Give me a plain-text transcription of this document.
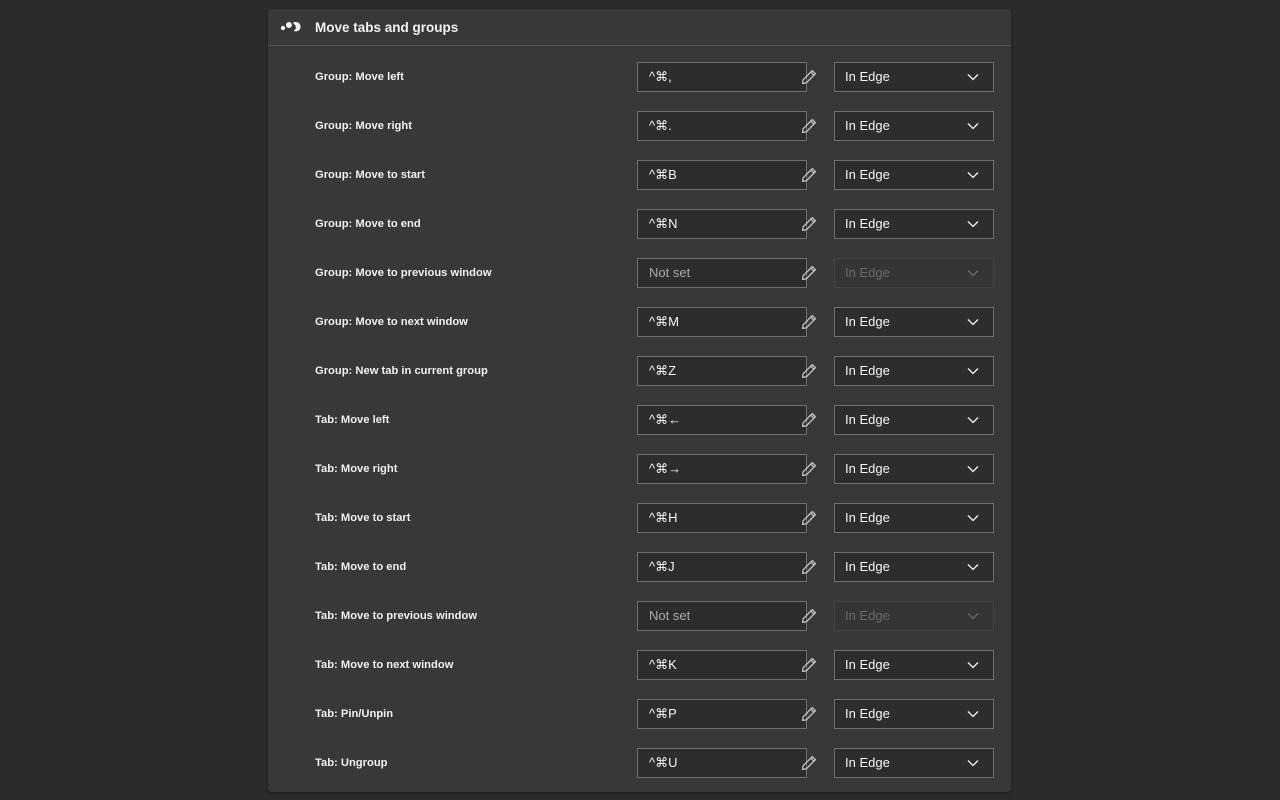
Move tabs and groups
Group: Move left	^⌘,	In Edge
Group: Move right	^⌘.	In Edge
Group: Move to start	^⌘B	In Edge
Group: Move to end	^⌘N	In Edge
Group: Move to previous window	Not set	In Edge
Group: Move to next window	^⌘M	In Edge
Group: New tab in current group	^⌘Z	In Edge
Tab: Move left	^⌘←	In Edge
Tab: Move right	^⌘→	In Edge
Tab: Move to start	^⌘H	In Edge
Tab: Move to end	^⌘J	In Edge
Tab: Move to previous window	Not set	In Edge
Tab: Move to next window	^⌘K	In Edge
Tab: Pin/Unpin	^⌘P	In Edge
Tab: Ungroup	^⌘U	In Edge
